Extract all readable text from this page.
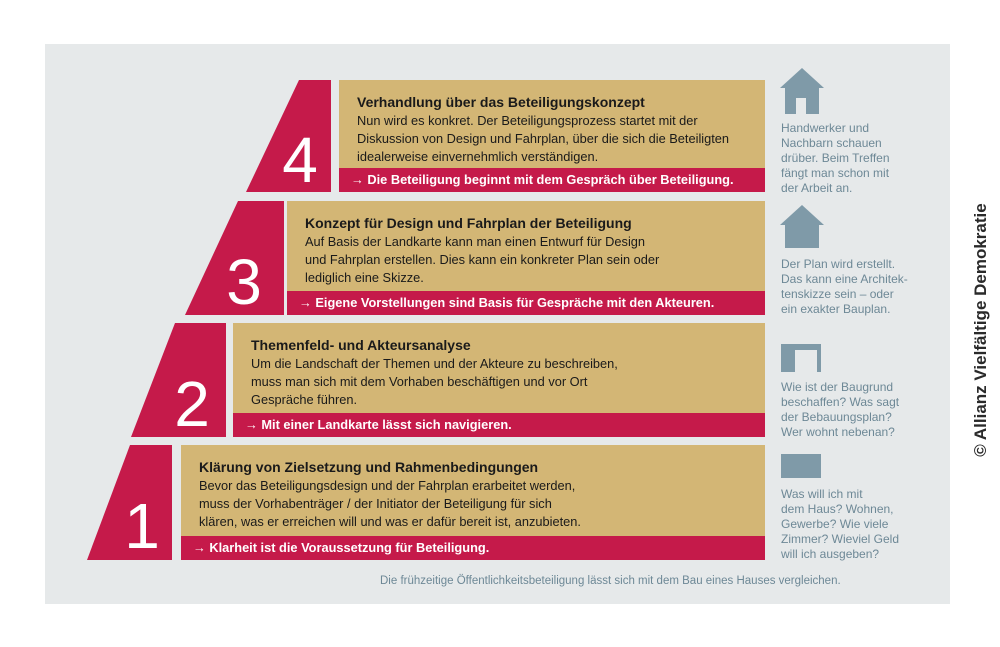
4
3
2
1
Verhandlung über das Beteiligungskonzept
Nun wird es konkret. Der Beteiligungsprozess startet mit der
Diskussion von Design und Fahrplan, über die sich die Beteiligten
idealerweise einvernehmlich verständigen.
→ Die Beteiligung beginnt mit dem Gespräch über Beteiligung.
Konzept für Design und Fahrplan der Beteiligung
Auf Basis der Landkarte kann man einen Entwurf für Design
und Fahrplan erstellen. Dies kann ein konkreter Plan sein oder
lediglich eine Skizze.
→ Eigene Vorstellungen sind Basis für Gespräche mit den Akteuren.
Themenfeld- und Akteursanalyse
Um die Landschaft der Themen und der Akteure zu beschreiben,
muss man sich mit dem Vorhaben beschäftigen und vor Ort
Gespräche führen.
→ Mit einer Landkarte lässt sich navigieren.
Klärung von Zielsetzung und Rahmenbedingungen
Bevor das Beteiligungsdesign und der Fahrplan erarbeitet werden,
muss der Vorhabenträger / der Initiator der Beteiligung für sich
klären, was er erreichen will und was er dafür bereit ist, anzubieten.
→ Klarheit ist die Voraussetzung für Beteiligung.
Handwerker und
Nachbarn schauen
drüber. Beim Treffen
fängt man schon mit
der Arbeit an.
Der Plan wird erstellt.
Das kann eine Architek-
tenskizze sein – oder
ein exakter Bauplan.
Wie ist der Baugrund
beschaffen? Was sagt
der Bebauungsplan?
Wer wohnt nebenan?
Was will ich mit
dem Haus? Wohnen,
Gewerbe? Wie viele
Zimmer? Wieviel Geld
will ich ausgeben?
Die frühzeitige Öffentlichkeitsbeteiligung lässt sich mit dem Bau eines Hauses vergleichen.
© Allianz Vielfältige Demokratie
